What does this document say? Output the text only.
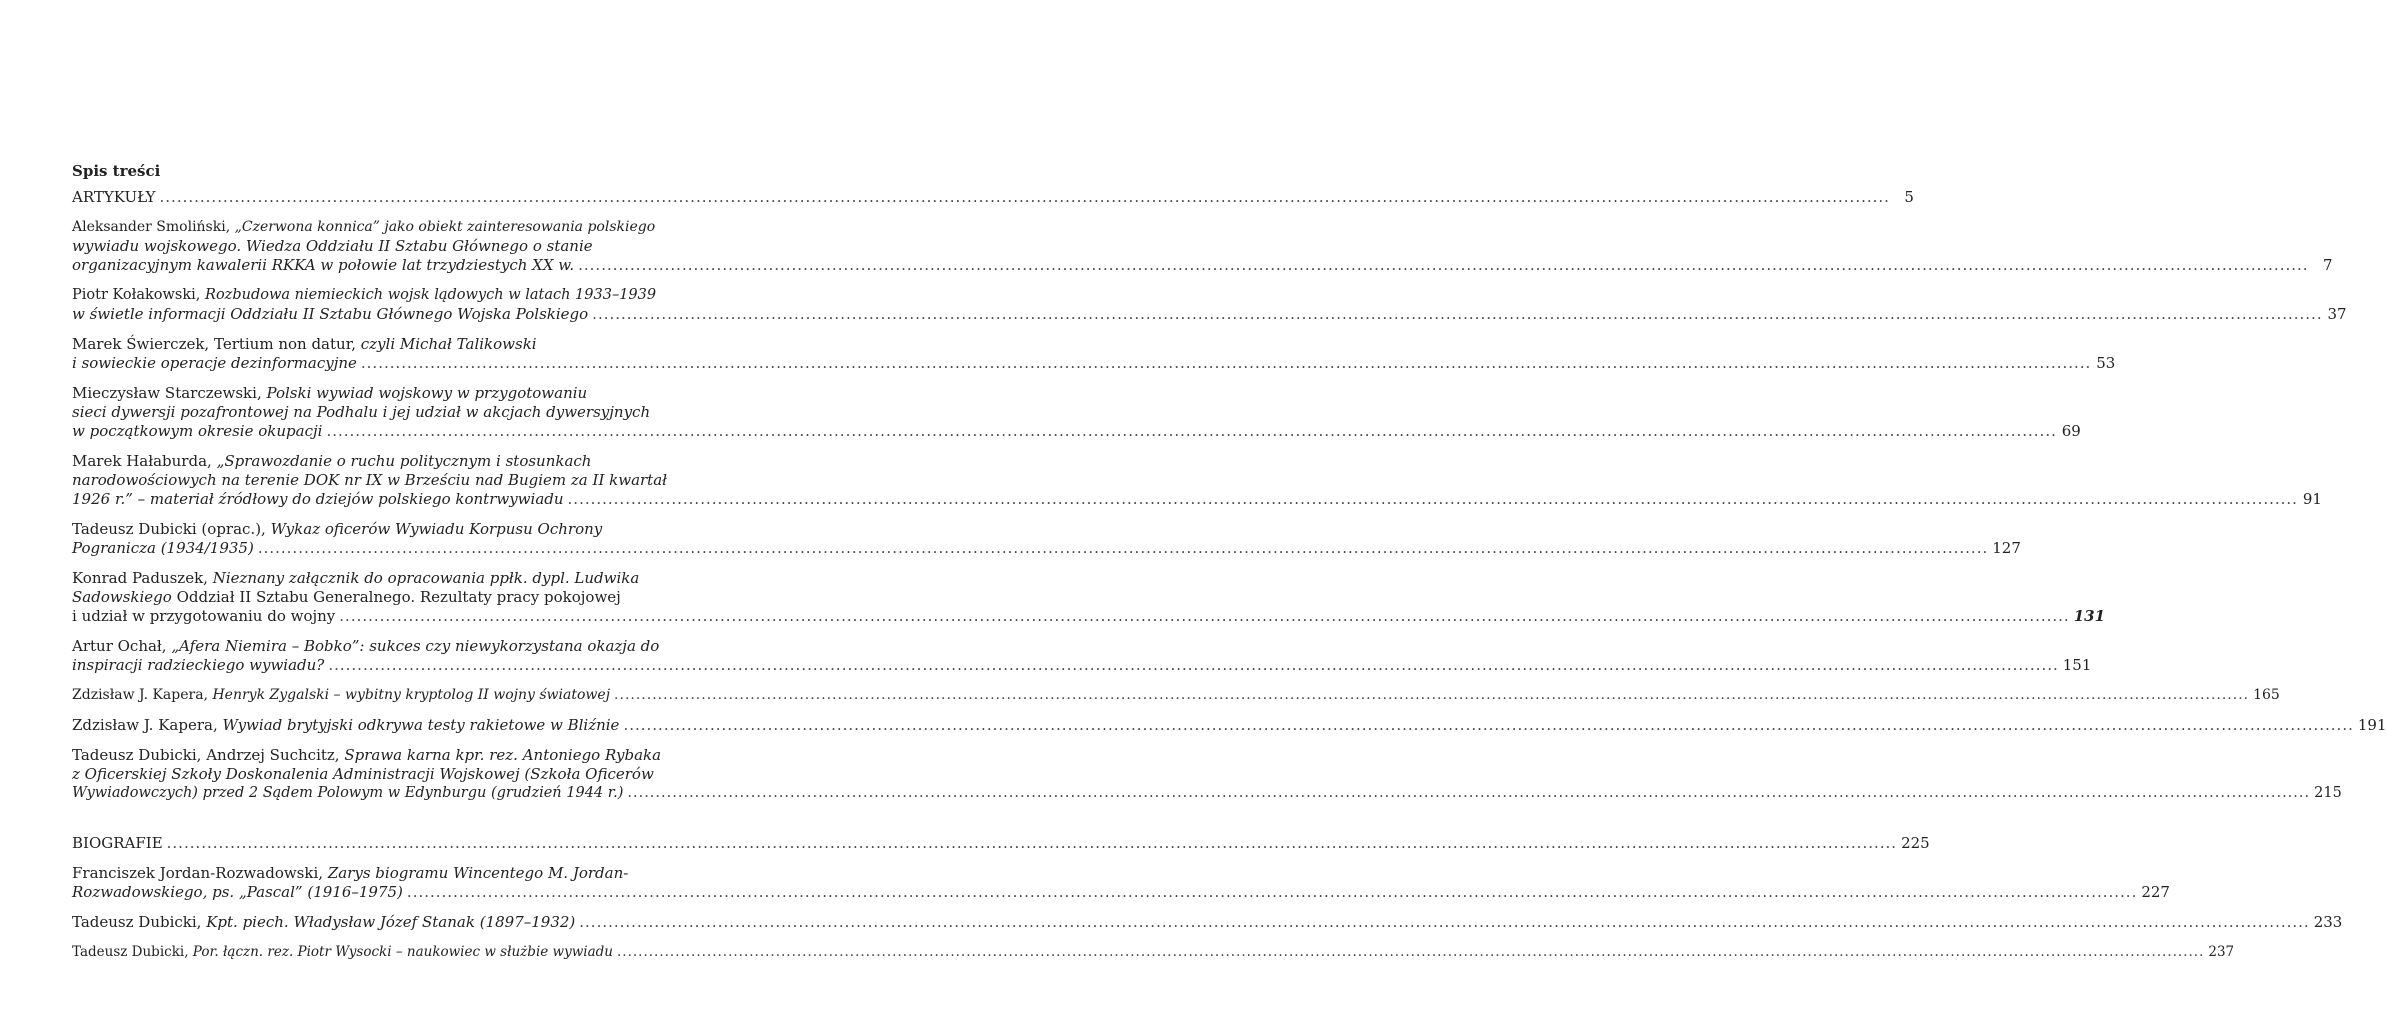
Spis treści
ARTYKUŁY ............................................................................................................................................................................................................................................................................................................ 5
Aleksander Smoliński, „Czerwona konnica” jako obiekt zainteresowania polskiego
wywiadu wojskowego. Wiedza Oddziału II Sztabu Głównego o stanie
organizacyjnym kawalerii RKKA w połowie lat trzydziestych XX w. ............................................................................................................................................................................................................................................................................................................ 7
Piotr Kołakowski, Rozbudowa niemieckich wojsk lądowych w latach 1933–1939
w świetle informacji Oddziału II Sztabu Głównego Wojska Polskiego ............................................................................................................................................................................................................................................................................................................ 37
Marek Świerczek, Tertium non datur, czyli Michał Talikowski
i sowieckie operacje dezinformacyjne ............................................................................................................................................................................................................................................................................................................ 53
Mieczysław Starczewski, Polski wywiad wojskowy w przygotowaniu
sieci dywersji pozafrontowej na Podhalu i jej udział w akcjach dywersyjnych
w początkowym okresie okupacji ............................................................................................................................................................................................................................................................................................................ 69
Marek Hałaburda, „Sprawozdanie o ruchu politycznym i stosunkach
narodowościowych na terenie DOK nr IX w Brześciu nad Bugiem za II kwartał
1926 r.” – materiał źródłowy do dziejów polskiego kontrwywiadu ............................................................................................................................................................................................................................................................................................................ 91
Tadeusz Dubicki (oprac.), Wykaz oficerów Wywiadu Korpusu Ochrony
Pogranicza (1934/1935) ............................................................................................................................................................................................................................................................................................................ 127
Konrad Paduszek, Nieznany załącznik do opracowania ppłk. dypl. Ludwika
Sadowskiego Oddział II Sztabu Generalnego. Rezultaty pracy pokojowej
i udział w przygotowaniu do wojny ............................................................................................................................................................................................................................................................................................................ 131
Artur Ochał, „Afera Niemira – Bobko”: sukces czy niewykorzystana okazja do
inspiracji radzieckiego wywiadu? ............................................................................................................................................................................................................................................................................................................ 151
Zdzisław J. Kapera, Henryk Zygalski – wybitny kryptolog II wojny światowej ............................................................................................................................................................................................................................................................................................................ 165
Zdzisław J. Kapera, Wywiad brytyjski odkrywa testy rakietowe w Bliźnie ............................................................................................................................................................................................................................................................................................................ 191
Tadeusz Dubicki, Andrzej Suchcitz, Sprawa karna kpr. rez. Antoniego Rybaka
z Oficerskiej Szkoły Doskonalenia Administracji Wojskowej (Szkoła Oficerów
Wywiadowczych) przed 2 Sądem Polowym w Edynburgu (grudzień 1944 r.) ............................................................................................................................................................................................................................................................................................................ 215
BIOGRAFIE ............................................................................................................................................................................................................................................................................................................ 225
Franciszek Jordan-Rozwadowski, Zarys biogramu Wincentego M. Jordan-
Rozwadowskiego, ps. „Pascal” (1916–1975) ............................................................................................................................................................................................................................................................................................................ 227
Tadeusz Dubicki, Kpt. piech. Władysław Józef Stanak (1897–1932) ............................................................................................................................................................................................................................................................................................................ 233
Tadeusz Dubicki, Por. łączn. rez. Piotr Wysocki – naukowiec w służbie wywiadu ............................................................................................................................................................................................................................................................................................................ 237
